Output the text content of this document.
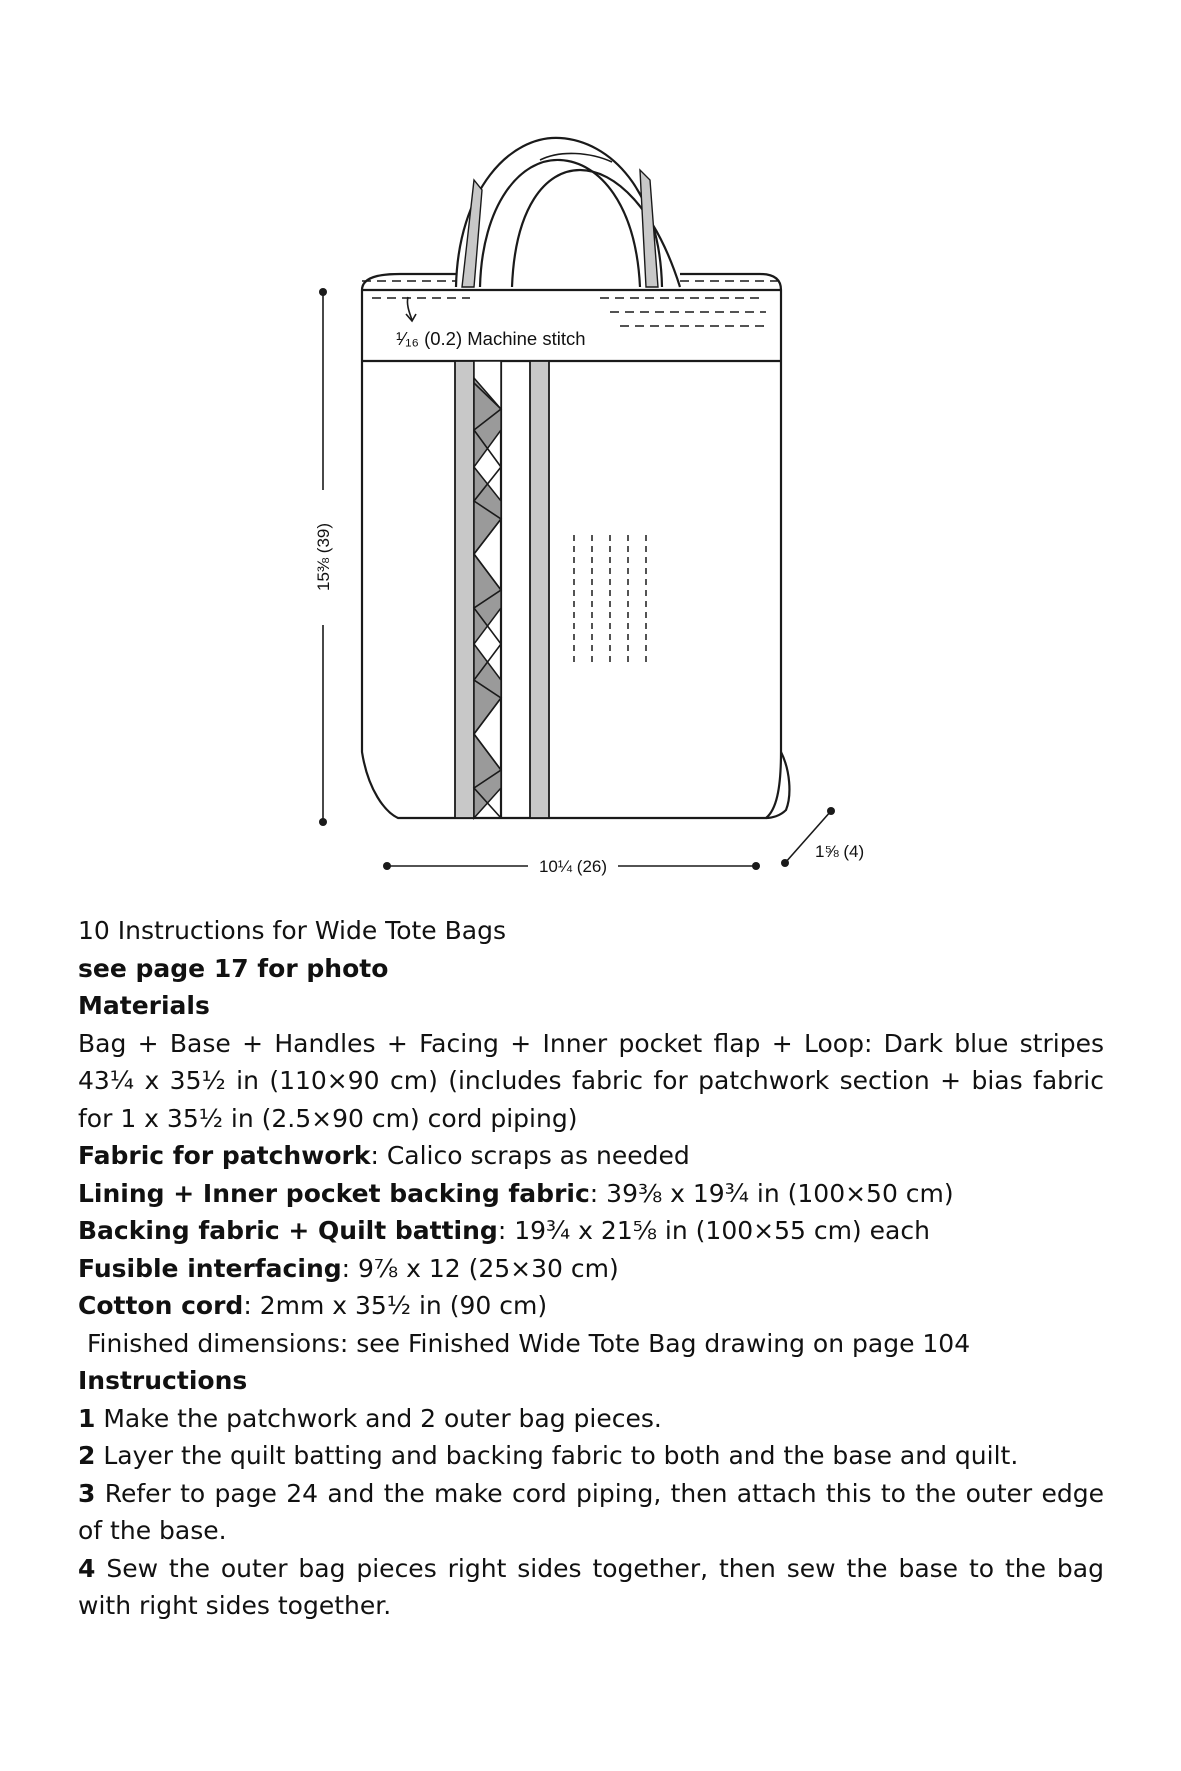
¹⁄₁₆ (0.2) Machine stitch
15⅜ (39)
10¼ (26)
1⅝ (4)

10 Instructions for Wide Tote Bags

see page 17 for photo

Materials

Bag + Base + Handles + Facing + Inner pocket flap + Loop: Dark blue stripes 43¼ x 35½ in (110×90 cm) (includes fabric for patchwork section + bias fabric for 1 x 35½ in (2.5×90 cm) cord piping)

Fabric for patchwork: Calico scraps as needed

Lining + Inner pocket backing fabric: 39⅜ x 19¾ in (100×50 cm)

Backing fabric + Quilt batting: 19¾ x 21⅝ in (100×55 cm) each

Fusible interfacing: 9⅞ x 12 (25×30 cm)

Cotton cord: 2mm x 35½ in (90 cm)

Finished dimensions: see Finished Wide Tote Bag drawing on page 104

Instructions

1 Make the patchwork and 2 outer bag pieces.

2 Layer the quilt batting and backing fabric to both and the base and quilt.

3 Refer to page 24 and the make cord piping, then attach this to the outer edge of the base.

4 Sew the outer bag pieces right sides together, then sew the base to the bag with right sides together.
